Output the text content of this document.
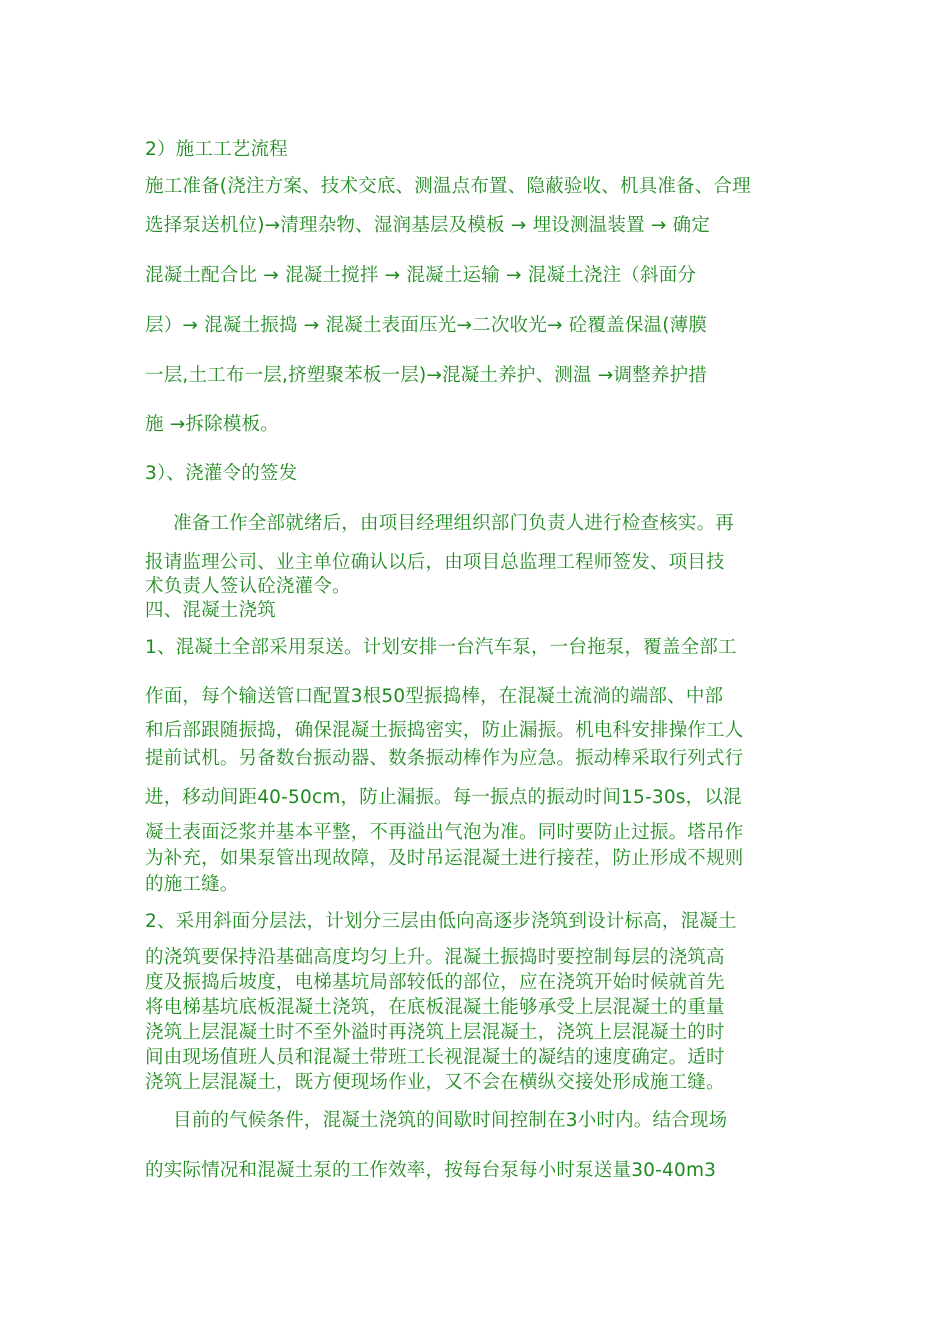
2）施工工艺流程
施工准备(浇注方案、技术交底、测温点布置、隐蔽验收、机具准备、合理
选择泵送机位)→清理杂物、湿润基层及模板 → 埋设测温装置 → 确定
混凝土配合比 → 混凝土搅拌 → 混凝土运输 → 混凝土浇注（斜面分
层）→ 混凝土振捣 → 混凝土表面压光→二次收光→ 砼覆盖保温(薄膜
一层,土工布一层,挤塑聚苯板一层)→混凝土养护、测温 →调整养护措
施 →拆除模板。
3）、浇灌令的签发
准备工作全部就绪后，由项目经理组织部门负责人进行检查核实。再
报请监理公司、业主单位确认以后，由项目总监理工程师签发、项目技
术负责人签认砼浇灌令。
四、混凝土浇筑
1、混凝土全部采用泵送。计划安排一台汽车泵，一台拖泵，覆盖全部工
作面，每个输送管口配置3根50型振捣棒，在混凝土流淌的端部、中部
和后部跟随振捣，确保混凝土振捣密实，防止漏振。机电科安排操作工人
提前试机。另备数台振动器、数条振动棒作为应急。振动棒采取行列式行
进，移动间距40-50cm，防止漏振。每一振点的振动时间15-30s，以混
凝土表面泛浆并基本平整，不再溢出气泡为准。同时要防止过振。塔吊作
为补充，如果泵管出现故障，及时吊运混凝土进行接茬，防止形成不规则
的施工缝。
2、采用斜面分层法，计划分三层由低向高逐步浇筑到设计标高，混凝土
的浇筑要保持沿基础高度均匀上升。混凝土振捣时要控制每层的浇筑高
度及振捣后坡度，电梯基坑局部较低的部位，应在浇筑开始时候就首先
将电梯基坑底板混凝土浇筑，在底板混凝土能够承受上层混凝土的重量
浇筑上层混凝土时不至外溢时再浇筑上层混凝土，浇筑上层混凝土的时
间由现场值班人员和混凝土带班工长视混凝土的凝结的速度确定。适时
浇筑上层混凝土，既方便现场作业，又不会在横纵交接处形成施工缝。
目前的气候条件，混凝土浇筑的间歇时间控制在3小时内。结合现场
的实际情况和混凝土泵的工作效率，按每台泵每小时泵送量30-40m3
